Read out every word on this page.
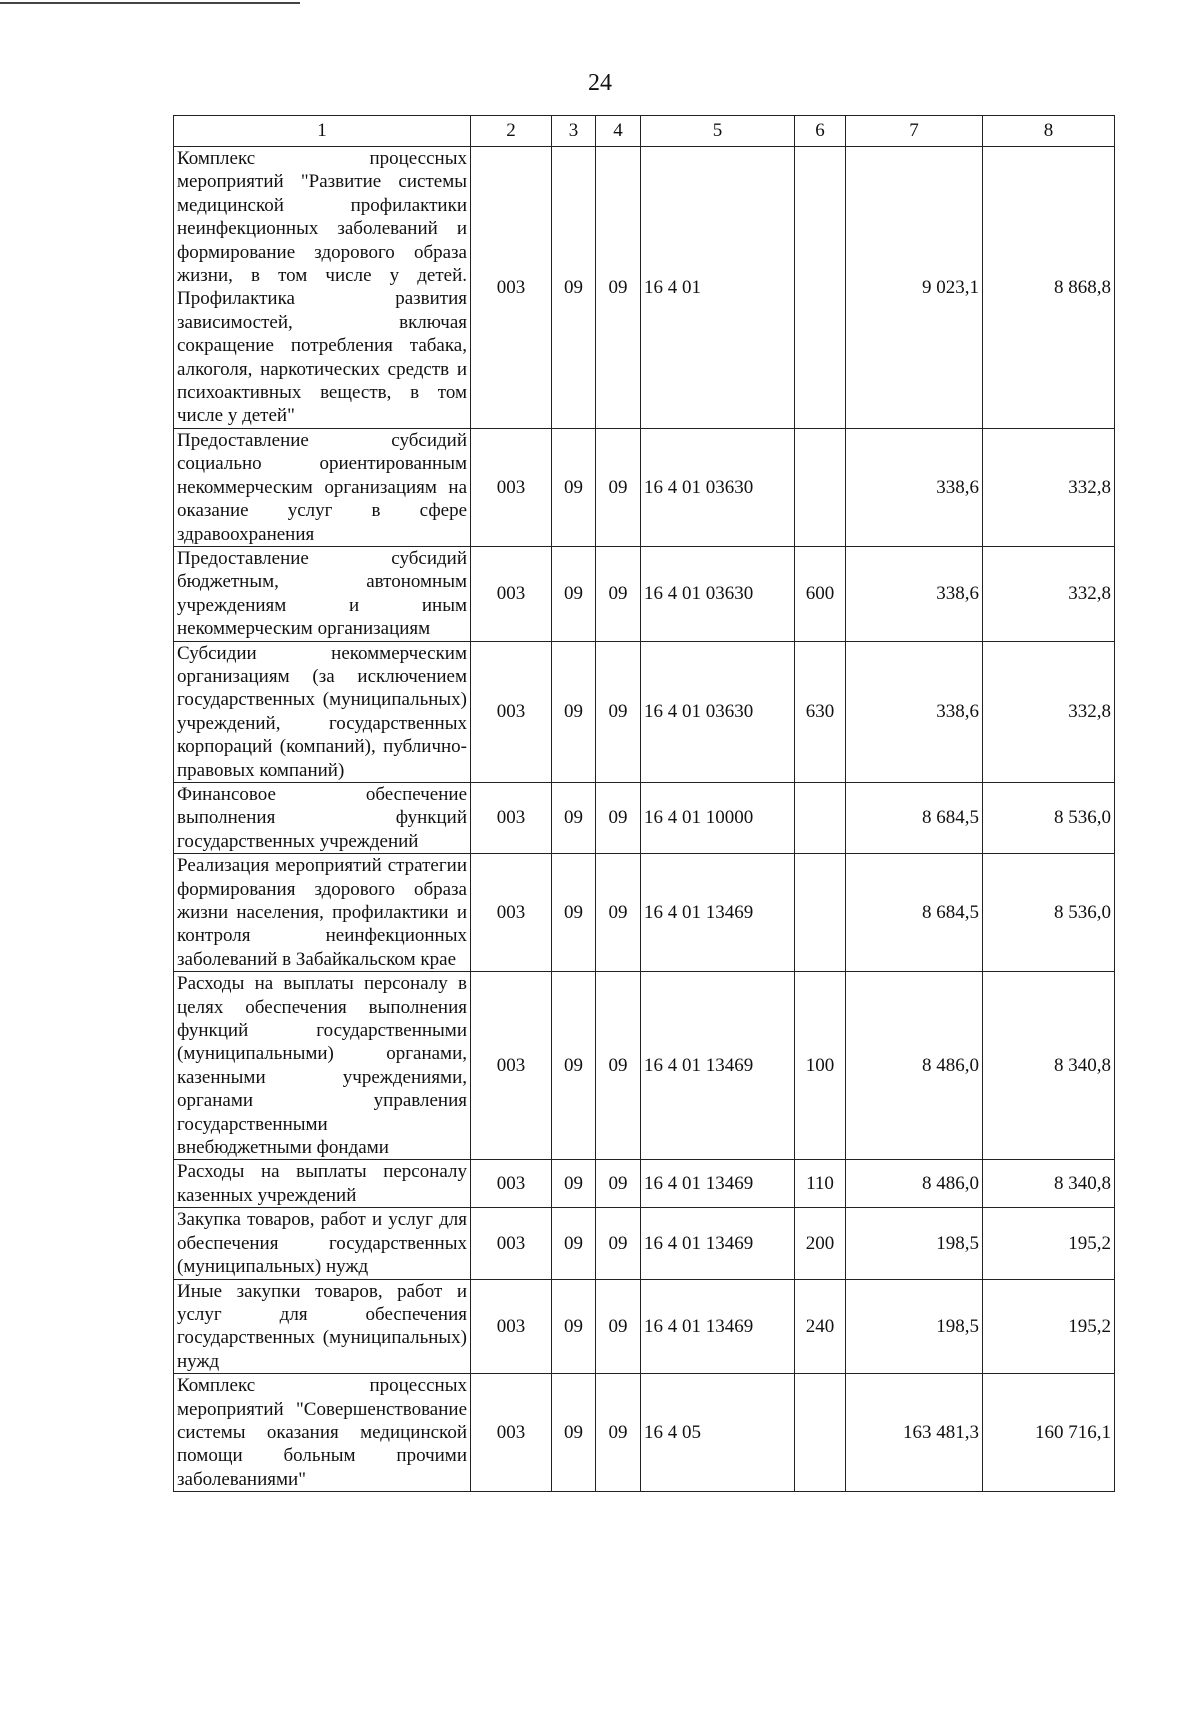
24
1	2	3	4	5	6	7	8
Комплекс процессных мероприятий "Развитие системы медицинской профилактики неинфекционных заболеваний и формирование здорового образа жизни, в том числе у детей. Профилактика развития зависимостей, включая сокращение потребления табака, алкоголя, наркотических средств и психоактивных веществ, в том числе у детей"	003	09	09	16 4 01		9 023,1	8 868,8
Предоставление субсидий социально ориентированным некоммерческим организациям на оказание услуг в сфере здравоохранения	003	09	09	16 4 01 03630		338,6	332,8
Предоставление субсидий бюджетным, автономным учреждениям и иным некоммерческим организациям	003	09	09	16 4 01 03630	600	338,6	332,8
Субсидии некоммерческим организациям (за исключением государственных (муниципальных) учреждений, государственных корпораций (компаний), публично-правовых компаний)	003	09	09	16 4 01 03630	630	338,6	332,8
Финансовое обеспечение выполнения функций государственных учреждений	003	09	09	16 4 01 10000		8 684,5	8 536,0
Реализация мероприятий стратегии формирования здорового образа жизни населения, профилактики и контроля неинфекционных заболеваний в Забайкальском крае	003	09	09	16 4 01 13469		8 684,5	8 536,0
Расходы на выплаты персоналу в целях обеспечения выполнения функций государственными (муниципальными) органами, казенными учреждениями, органами управления государственными внебюджетными фондами	003	09	09	16 4 01 13469	100	8 486,0	8 340,8
Расходы на выплаты персоналу казенных учреждений	003	09	09	16 4 01 13469	110	8 486,0	8 340,8
Закупка товаров, работ и услуг для обеспечения государственных (муниципальных) нужд	003	09	09	16 4 01 13469	200	198,5	195,2
Иные закупки товаров, работ и услуг для обеспечения государственных (муниципальных) нужд	003	09	09	16 4 01 13469	240	198,5	195,2
Комплекс процессных мероприятий "Совершенствование системы оказания медицинской помощи больным прочими заболеваниями"	003	09	09	16 4 05		163 481,3	160 716,1
